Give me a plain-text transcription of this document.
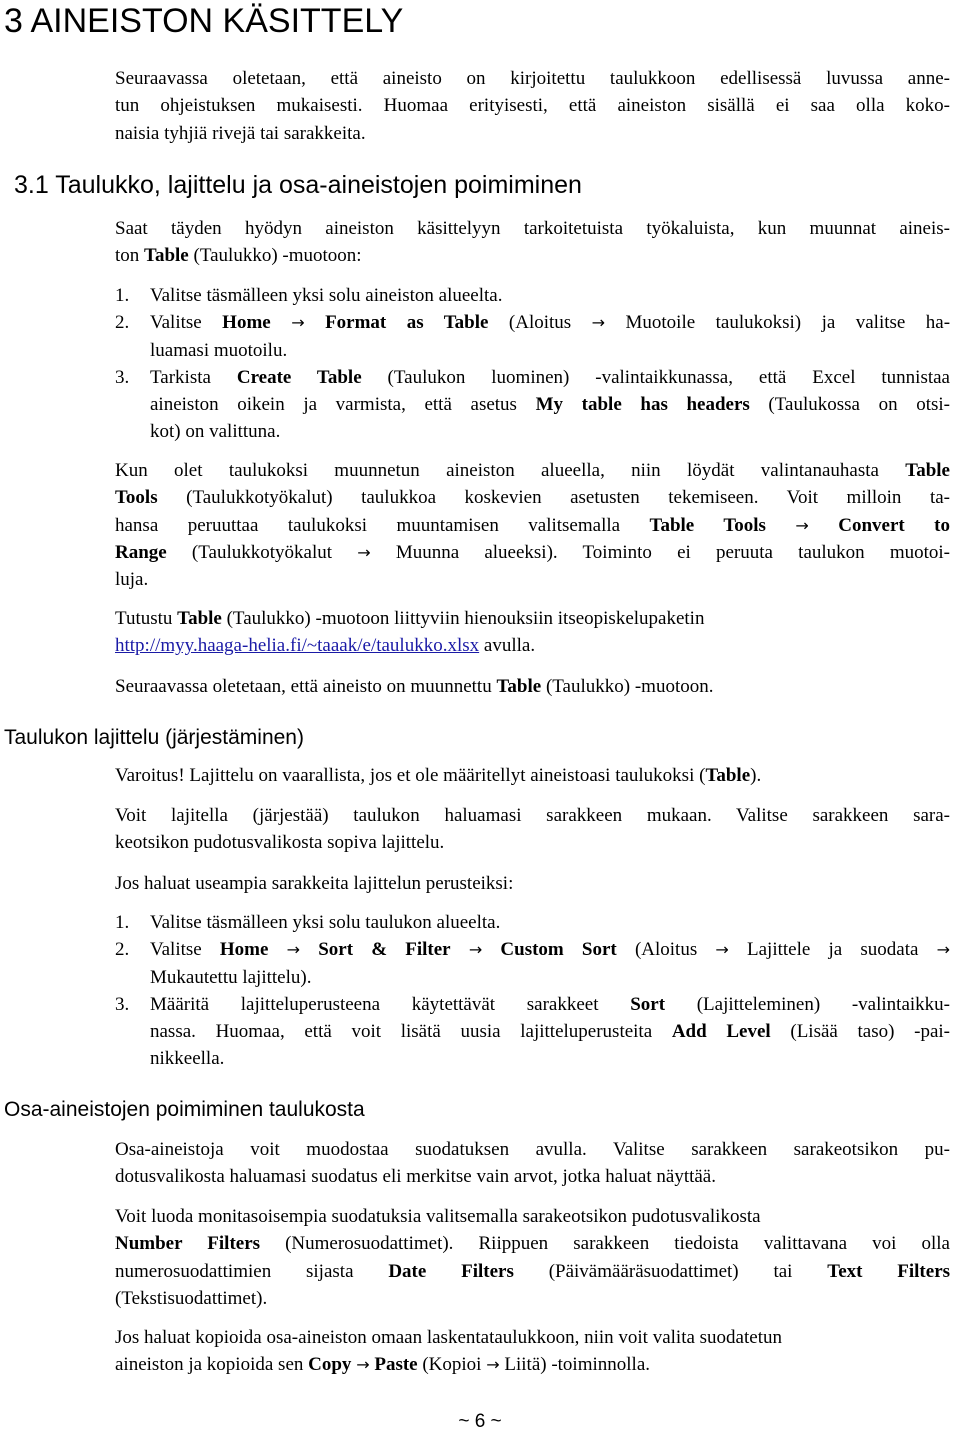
3 AINEISTON KÄSITTELY
Seuraavassa oletetaan, että aineisto on kirjoitettu taulukkoon edellisessä luvussa anne-
tun ohjeistuksen mukaisesti. Huomaa erityisesti, että aineiston sisällä ei saa olla koko-
naisia tyhjiä rivejä tai sarakkeita.
3.1 Taulukko, lajittelu ja osa-aineistojen poimiminen
Saat täyden hyödyn aineiston käsittelyyn tarkoitetuista työkaluista, kun muunnat aineis-
ton Table (Taulukko) -muotoon:
1. Valitse täsmälleen yksi solu aineiston alueelta.
2. Valitse Home → Format as Table (Aloitus → Muotoile taulukoksi) ja valitse ha-
luamasi muotoilu.
3. Tarkista Create Table (Taulukon luominen) -valintaikkunassa, että Excel tunnistaa
aineiston oikein ja varmista, että asetus My table has headers (Taulukossa on otsi-
kot) on valittuna.
Kun olet taulukoksi muunnetun aineiston alueella, niin löydät valintanauhasta Table
Tools (Taulukkotyökalut) taulukkoa koskevien asetusten tekemiseen. Voit milloin ta-
hansa peruuttaa taulukoksi muuntamisen valitsemalla Table Tools → Convert to
Range (Taulukkotyökalut → Muunna alueeksi). Toiminto ei peruuta taulukon muotoi-
luja.
Tutustu Table (Taulukko) -muotoon liittyviin hienouksiin itseopiskelupaketin
http://myy.haaga-helia.fi/~taaak/e/taulukko.xlsx avulla.
Seuraavassa oletetaan, että aineisto on muunnettu Table (Taulukko) -muotoon.
Taulukon lajittelu (järjestäminen)
Varoitus! Lajittelu on vaarallista, jos et ole määritellyt aineistoasi taulukoksi (Table).
Voit lajitella (järjestää) taulukon haluamasi sarakkeen mukaan. Valitse sarakkeen sara-
keotsikon pudotusvalikosta sopiva lajittelu.
Jos haluat useampia sarakkeita lajittelun perusteiksi:
1. Valitse täsmälleen yksi solu taulukon alueelta.
2. Valitse Home → Sort & Filter → Custom Sort (Aloitus → Lajittele ja suodata →
Mukautettu lajittelu).
3. Määritä lajitteluperusteena käytettävät sarakkeet Sort (Lajitteleminen) -valintaikku-
nassa. Huomaa, että voit lisätä uusia lajitteluperusteita Add Level (Lisää taso) -pai-
nikkeella.
Osa-aineistojen poimiminen taulukosta
Osa-aineistoja voit muodostaa suodatuksen avulla. Valitse sarakkeen sarakeotsikon pu-
dotusvalikosta haluamasi suodatus eli merkitse vain arvot, jotka haluat näyttää.
Voit luoda monitasoisempia suodatuksia valitsemalla sarakeotsikon pudotusvalikosta
Number Filters (Numerosuodattimet). Riippuen sarakkeen tiedoista valittavana voi olla
numerosuodattimien sijasta Date Filters (Päivämääräsuodattimet) tai Text Filters
(Tekstisuodattimet).
Jos haluat kopioida osa-aineiston omaan laskentataulukkoon, niin voit valita suodatetun
aineiston ja kopioida sen Copy → Paste (Kopioi → Liitä) -toiminnolla.
~ 6 ~
